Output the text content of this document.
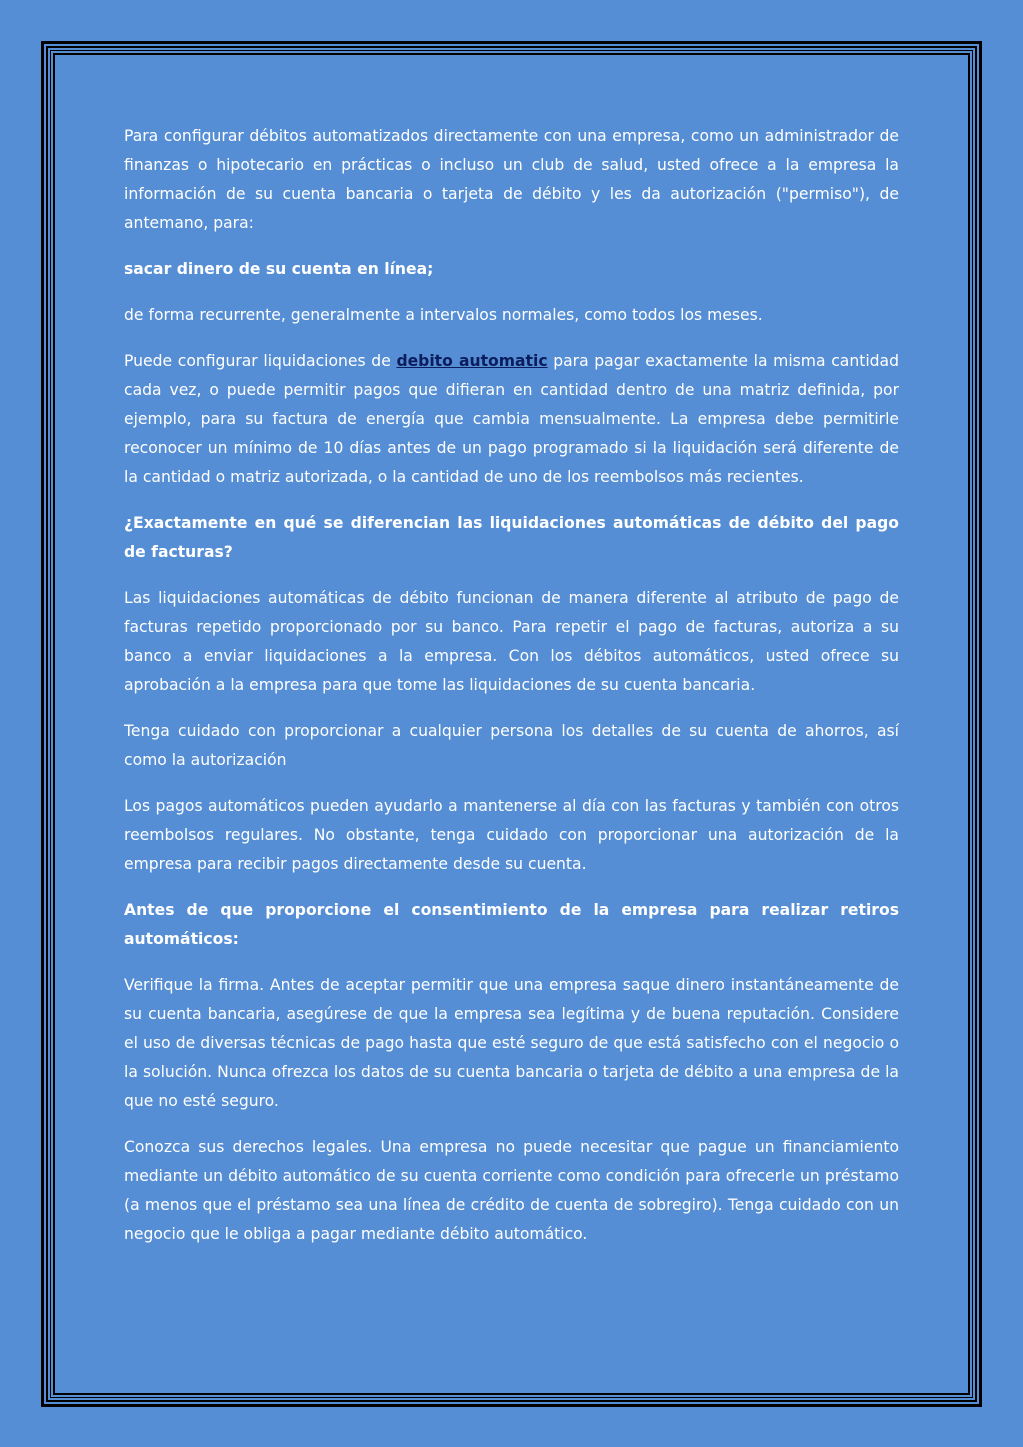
Para configurar débitos automatizados directamente con una empresa, como un administrador de finanzas o hipotecario en prácticas o incluso un club de salud, usted ofrece a la empresa la información de su cuenta bancaria o tarjeta de débito y les da autorización ("permiso"), de antemano, para:

sacar dinero de su cuenta en línea;

de forma recurrente, generalmente a intervalos normales, como todos los meses.

Puede configurar liquidaciones de debito automatic para pagar exactamente la misma cantidad cada vez, o puede permitir pagos que difieran en cantidad dentro de una matriz definida, por ejemplo, para su factura de energía que cambia mensualmente. La empresa debe permitirle reconocer un mínimo de 10 días antes de un pago programado si la liquidación será diferente de la cantidad o matriz autorizada, o la cantidad de uno de los reembolsos más recientes.

¿Exactamente en qué se diferencian las liquidaciones automáticas de débito del pago de facturas?

Las liquidaciones automáticas de débito funcionan de manera diferente al atributo de pago de facturas repetido proporcionado por su banco. Para repetir el pago de facturas, autoriza a su banco a enviar liquidaciones a la empresa. Con los débitos automáticos, usted ofrece su aprobación a la empresa para que tome las liquidaciones de su cuenta bancaria.

Tenga cuidado con proporcionar a cualquier persona los detalles de su cuenta de ahorros, así como la autorización

Los pagos automáticos pueden ayudarlo a mantenerse al día con las facturas y también con otros reembolsos regulares. No obstante, tenga cuidado con proporcionar una autorización de la empresa para recibir pagos directamente desde su cuenta.

Antes de que proporcione el consentimiento de la empresa para realizar retiros automáticos:

Verifique la firma. Antes de aceptar permitir que una empresa saque dinero instantáneamente de su cuenta bancaria, asegúrese de que la empresa sea legítima y de buena reputación. Considere el uso de diversas técnicas de pago hasta que esté seguro de que está satisfecho con el negocio o la solución. Nunca ofrezca los datos de su cuenta bancaria o tarjeta de débito a una empresa de la que no esté seguro.

Conozca sus derechos legales. Una empresa no puede necesitar que pague un financiamiento mediante un débito automático de su cuenta corriente como condición para ofrecerle un préstamo (a menos que el préstamo sea una línea de crédito de cuenta de sobregiro). Tenga cuidado con un negocio que le obliga a pagar mediante débito automático.
